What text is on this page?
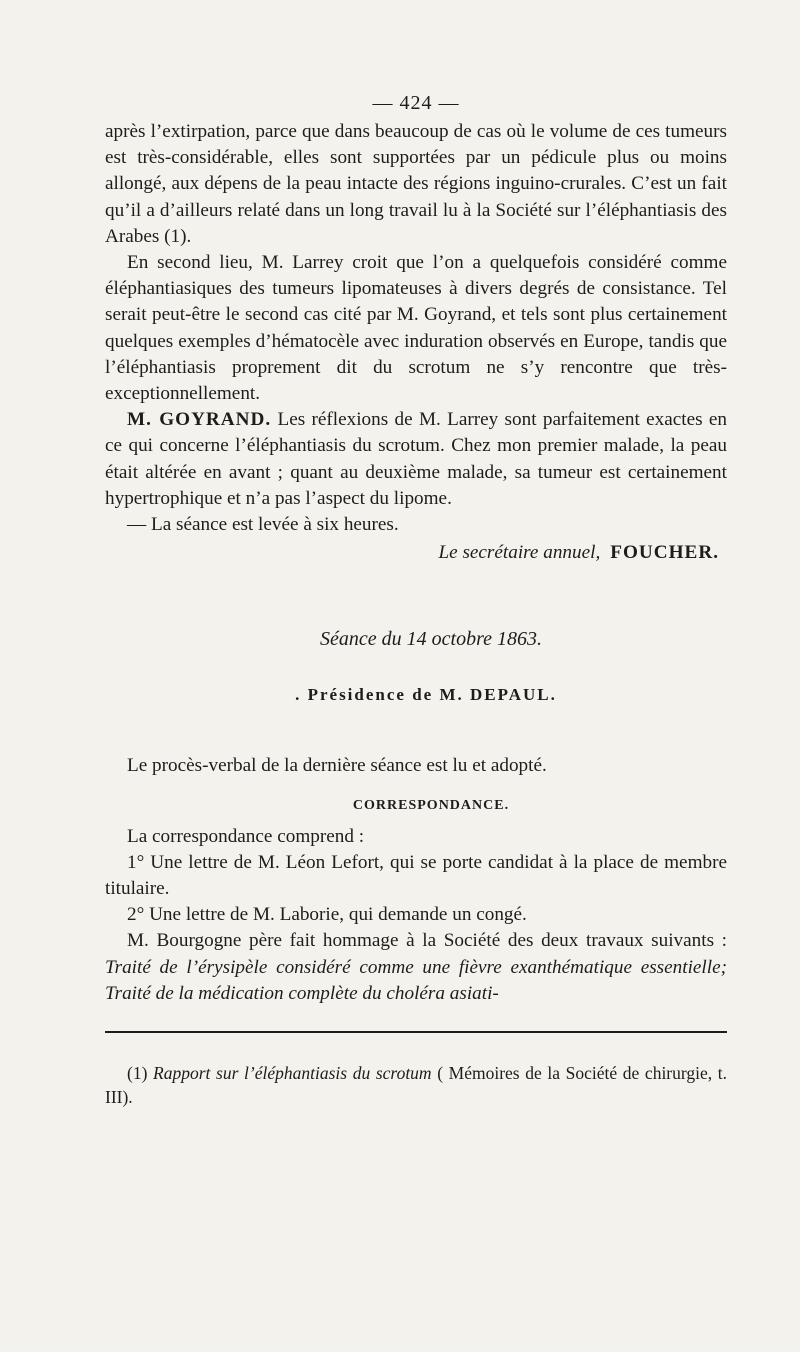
— 424 —

après l’extirpation, parce que dans beaucoup de cas où le volume de ces tumeurs est très-considérable, elles sont supportées par un pédicule plus ou moins allongé, aux dépens de la peau intacte des régions inguino-crurales. C’est un fait qu’il a d’ailleurs relaté dans un long travail lu à la Société sur l’éléphantiasis des Arabes (1).

En second lieu, M. Larrey croit que l’on a quelquefois considéré comme éléphantiasiques des tumeurs lipomateuses à divers degrés de consistance. Tel serait peut-être le second cas cité par M. Goyrand, et tels sont plus certainement quelques exemples d’hématocèle avec induration observés en Europe, tandis que l’éléphantiasis proprement dit du scrotum ne s’y rencontre que très-exceptionnellement.

M. GOYRAND. Les réflexions de M. Larrey sont parfaitement exactes en ce qui concerne l’éléphantiasis du scrotum. Chez mon premier malade, la peau était altérée en avant ; quant au deuxième malade, sa tumeur est certainement hypertrophique et n’a pas l’aspect du lipome.

— La séance est levée à six heures.

Le secrétaire annuel, FOUCHER.
Séance du 14 octobre 1863.
. Présidence de M. DEPAUL.

Le procès-verbal de la dernière séance est lu et adopté.

CORRESPONDANCE.

La correspondance comprend :

1° Une lettre de M. Léon Lefort, qui se porte candidat à la place de membre titulaire.

2° Une lettre de M. Laborie, qui demande un congé.

M. Bourgogne père fait hommage à la Société des deux travaux suivants : Traité de l’érysipèle considéré comme une fièvre exanthématique essentielle; Traité de la médication complète du choléra asiati-

(1) Rapport sur l’éléphantiasis du scrotum ( Mémoires de la Société de chirurgie, t. III).
